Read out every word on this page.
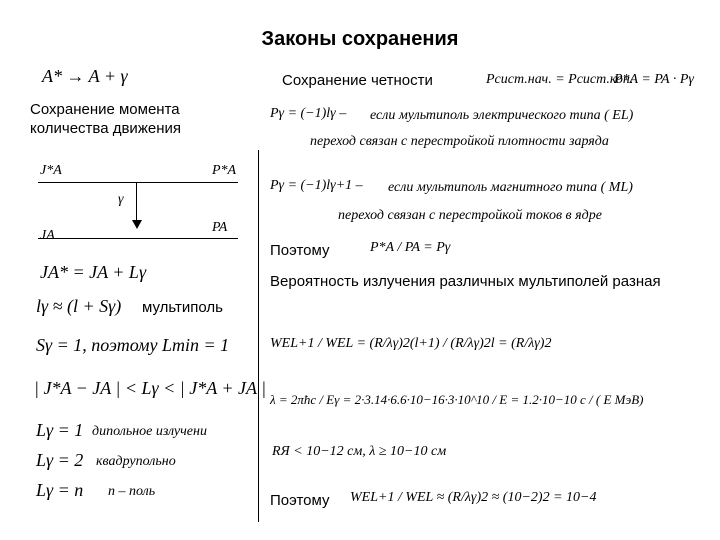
Законы сохранения
A* → A + γ
Сохранение момента количества движения
J*A	P*A
γ
JA
PA
JA* = JA + Lγ
lγ ≈ (l + Sγ) мультиполь
Sγ = 1, поэтому Lmin = 1
| J*A − JA | < Lγ < | J*A + JA |
Lγ = 1 дипольное излучени
Lγ = 2 квадрупольно
Lγ = n n – поль
Сохранение четности	Pсист.нач. = Pсист.кон.
P*A = PA · Pγ
Pγ = (−1)lγ – если мультиполь электрического типа ( EL)
переход связан с перестройкой плотности заряда
Pγ = (−1)lγ+1 – если мультиполь магнитного типа ( ML)
переход связан с перестройкой токов в ядре
Поэтому	P*A / PA = Pγ
Вероятность излучения различных мультиполей разная
WEL+1 / WEL = (R/λγ)2(l+1) / (R/λγ)2l = (R/λγ)2
λ = 2πħc / Eγ = 2·3.14·6.6·10−16·3·10^10 / E = 1.2·10−10 с / ( E МэВ)
RЯ < 10−12 см, λ ≥ 10−10 см
Поэтому WEL+1 / WEL ≈ (R/λγ)2 ≈ (10−2)2 = 10−4
